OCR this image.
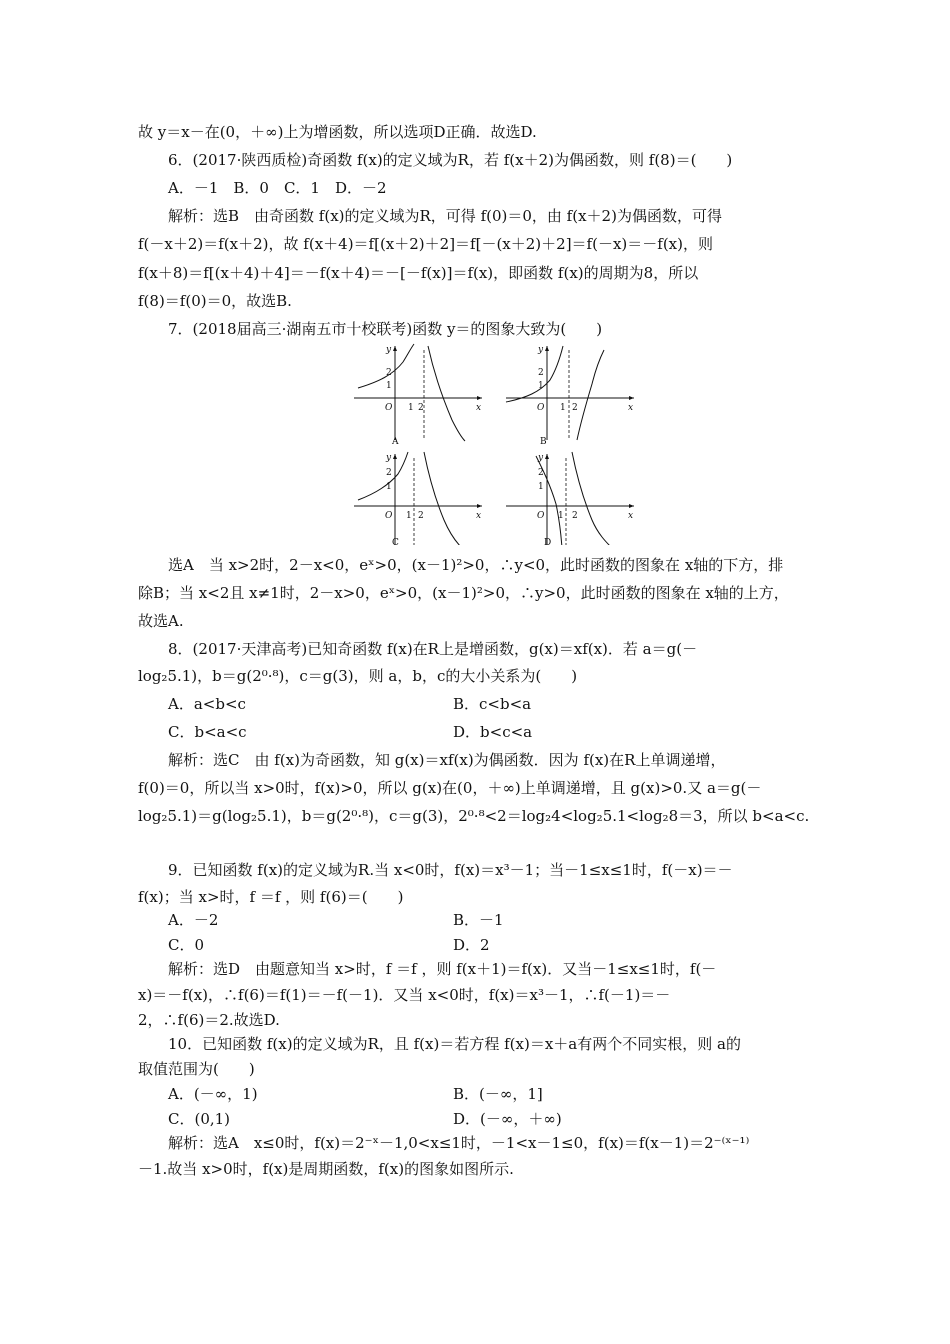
故 y＝x－在(0，＋∞)上为增函数，所以选项D正确．故选D.
6．(2017·陕西质检)奇函数 f(x)的定义域为R，若 f(x＋2)为偶函数，则 f(8)＝(　　)
A．－1　B．0　C．1　D．－2
解析：选B　由奇函数 f(x)的定义域为R，可得 f(0)＝0，由 f(x＋2)为偶函数，可得
f(－x＋2)＝f(x＋2)，故 f(x＋4)＝f[(x＋2)＋2]＝f[－(x＋2)＋2]＝f(－x)＝－f(x)，则
f(x＋8)＝f[(x＋4)＋4]＝－f(x＋4)＝－[－f(x)]＝f(x)，即函数 f(x)的周期为8，所以
f(8)＝f(0)＝0，故选B.
7．(2018届高三·湖南五市十校联考)函数 y＝的图象大致为(　　)
y
x
O
2
1
1 2
A
y
x
O
2
1
1 2
B
y
x
O
2
1
1 2
C
y
x
O
2
1
1 2
D
选A　当 x>2时，2－x<0，eˣ>0，(x－1)²>0，∴y<0，此时函数的图象在 x轴的下方，排
除B；当 x<2且 x≠1时，2－x>0，eˣ>0，(x－1)²>0，∴y>0，此时函数的图象在 x轴的上方，
故选A.
8．(2017·天津高考)已知奇函数 f(x)在R上是增函数，g(x)＝xf(x)．若 a＝g(－
log₂5.1)，b＝g(2⁰·⁸)，c＝g(3)，则 a，b，c的大小关系为(　　)
A．a<b<c	B．c<b<a
C．b<a<c	D．b<c<a
解析：选C　由 f(x)为奇函数，知 g(x)＝xf(x)为偶函数．因为 f(x)在R上单调递增，
f(0)＝0，所以当 x>0时，f(x)>0，所以 g(x)在(0，＋∞)上单调递增，且 g(x)>0.又 a＝g(－
log₂5.1)＝g(log₂5.1)，b＝g(2⁰·⁸)，c＝g(3)，2⁰·⁸<2＝log₂4<log₂5.1<log₂8＝3，所以 b<a<c.
9．已知函数 f(x)的定义域为R.当 x<0时，f(x)＝x³－1；当－1≤x≤1时，f(－x)＝－
f(x)；当 x>时，f ＝f ，则 f(6)＝(　　)
A．－2	B．－1
C．0	D．2
解析：选D　由题意知当 x>时，f ＝f ，则 f(x＋1)＝f(x)．又当－1≤x≤1时，f(－
x)＝－f(x)，∴f(6)＝f(1)＝－f(－1)．又当 x<0时，f(x)＝x³－1，∴f(－1)＝－
2，∴f(6)＝2.故选D.
10．已知函数 f(x)的定义域为R，且 f(x)＝若方程 f(x)＝x＋a有两个不同实根，则 a的
取值范围为(　　)
A．(－∞，1)	B．(－∞，1]
C．(0,1)	D．(－∞，＋∞)
解析：选A　x≤0时，f(x)＝2⁻ˣ－1,0<x≤1时，－1<x－1≤0，f(x)＝f(x－1)＝2⁻⁽ˣ⁻¹⁾
－1.故当 x>0时，f(x)是周期函数，f(x)的图象如图所示.
